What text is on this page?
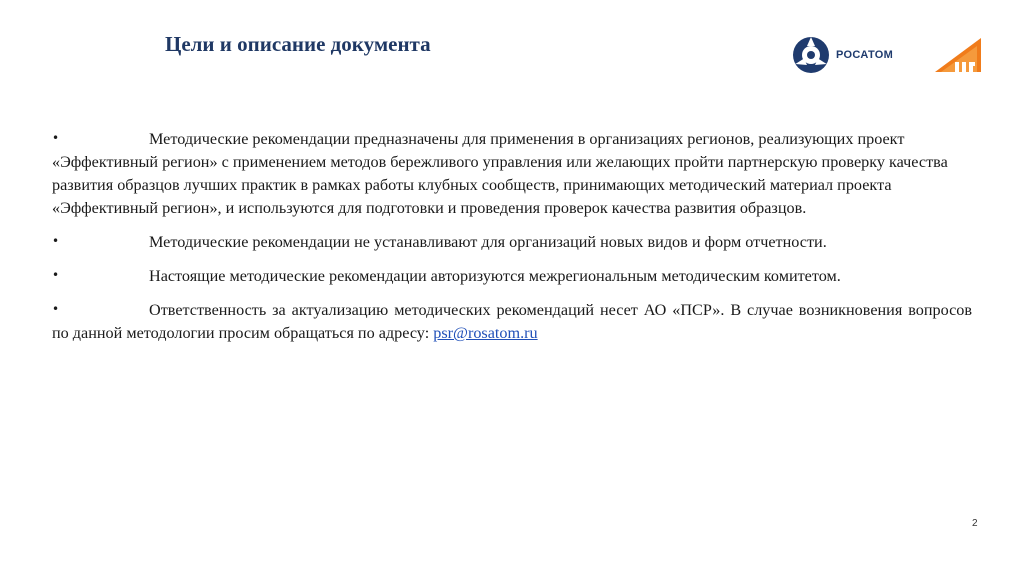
Цели и описание документа	РОСАТОМ

•	Методические рекомендации предназначены для применения в организациях регионов, реализующих проект «Эффективный регион» с применением методов бережливого управления или желающих пройти партнерскую проверку качества развития образцов лучших практик в рамках работы клубных сообществ, принимающих методический материал проекта «Эффективный регион», и используются для подготовки и проведения проверок качества развития образцов.

•	Методические рекомендации не устанавливают для организаций новых видов и форм отчетности.

•	Настоящие методические рекомендации авторизуются межрегиональным методическим комитетом.

•	Ответственность за актуализацию методических рекомендаций несет АО «ПСР». В случае возникновения вопросов по данной методологии просим обращаться по адресу: psr@rosatom.ru

2
